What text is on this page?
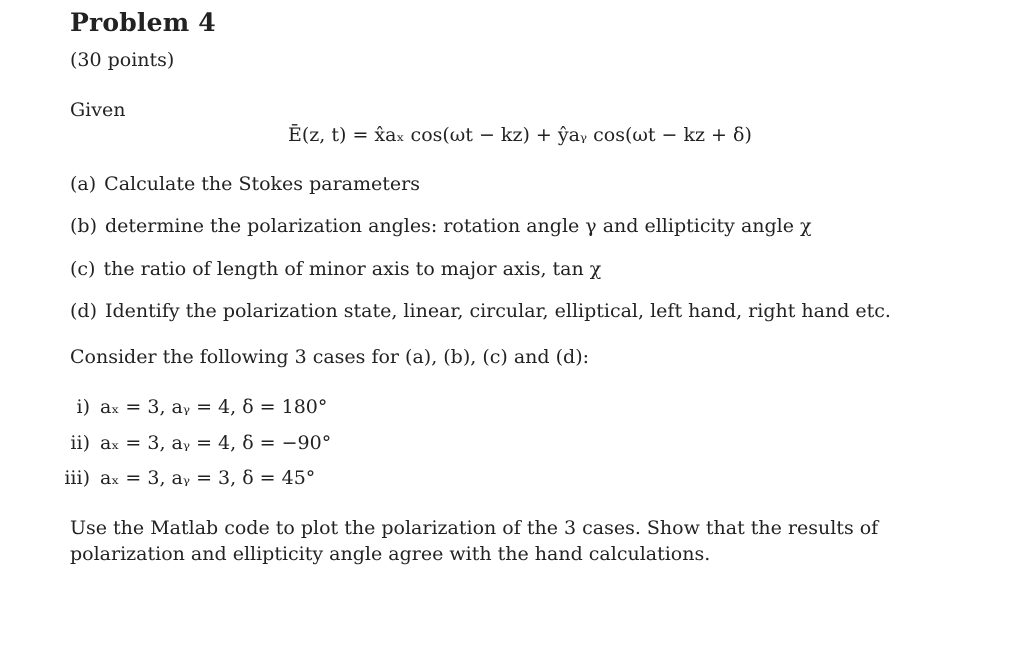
Problem 4
(30 points)
Given
Ē(z, t) = x̂aₓ cos(ωt − kz) + ŷaᵧ cos(ωt − kz + δ)
(a) Calculate the Stokes parameters
(b) determine the polarization angles: rotation angle γ and ellipticity angle χ
(c) the ratio of length of minor axis to major axis, tan χ
(d) Identify the polarization state, linear, circular, elliptical, left hand, right hand etc.
Consider the following 3 cases for (a), (b), (c) and (d):
i) aₓ = 3, aᵧ = 4, δ = 180°
ii) aₓ = 3, aᵧ = 4, δ = −90°
iii) aₓ = 3, aᵧ = 3, δ = 45°
Use the Matlab code to plot the polarization of the 3 cases. Show that the results of polarization and ellipticity angle agree with the hand calculations.
